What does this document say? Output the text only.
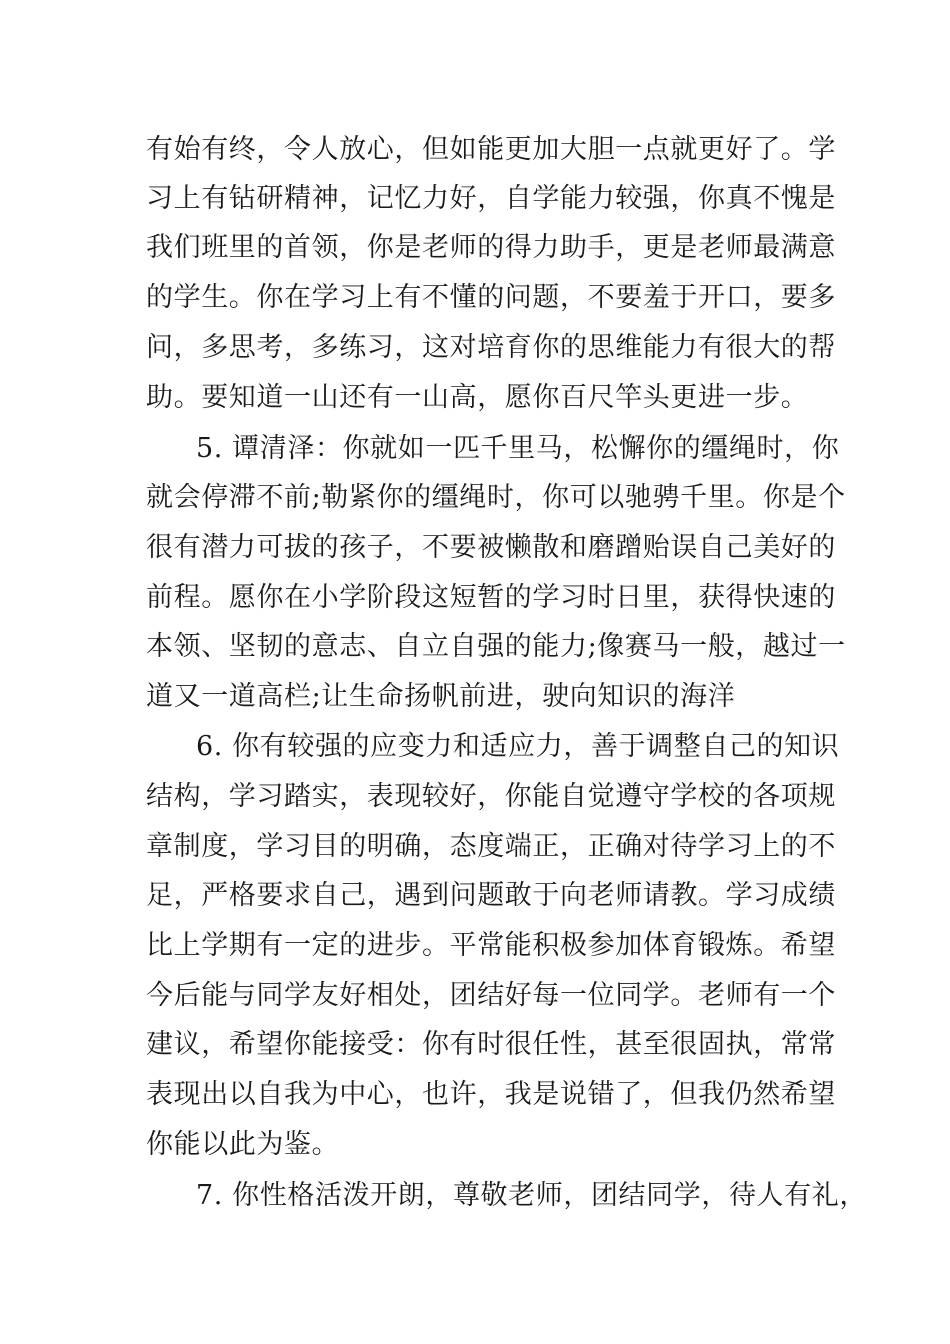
有始有终，令人放心，但如能更加大胆一点就更好了。学
习上有钻研精神，记忆力好，自学能力较强，你真不愧是
我们班里的首领，你是老师的得力助手，更是老师最满意
的学生。你在学习上有不懂的问题，不要羞于开口，要多
问，多思考，多练习，这对培育你的思维能力有很大的帮
助。要知道一山还有一山高，愿你百尺竿头更进一步。
5. 谭清泽：你就如一匹千里马，松懈你的缰绳时，你
就会停滞不前;勒紧你的缰绳时，你可以驰骋千里。你是个
很有潜力可拔的孩子，不要被懒散和磨蹭贻误自己美好的
前程。愿你在小学阶段这短暂的学习时日里，获得快速的
本领、坚韧的意志、自立自强的能力;像赛马一般，越过一
道又一道高栏;让生命扬帆前进，驶向知识的海洋
6. 你有较强的应变力和适应力，善于调整自己的知识
结构，学习踏实，表现较好，你能自觉遵守学校的各项规
章制度，学习目的明确，态度端正，正确对待学习上的不
足，严格要求自己，遇到问题敢于向老师请教。学习成绩
比上学期有一定的进步。平常能积极参加体育锻炼。希望
今后能与同学友好相处，团结好每一位同学。老师有一个
建议，希望你能接受：你有时很任性，甚至很固执，常常
表现出以自我为中心，也许，我是说错了，但我仍然希望
你能以此为鉴。
7. 你性格活泼开朗，尊敬老师，团结同学，待人有礼，
